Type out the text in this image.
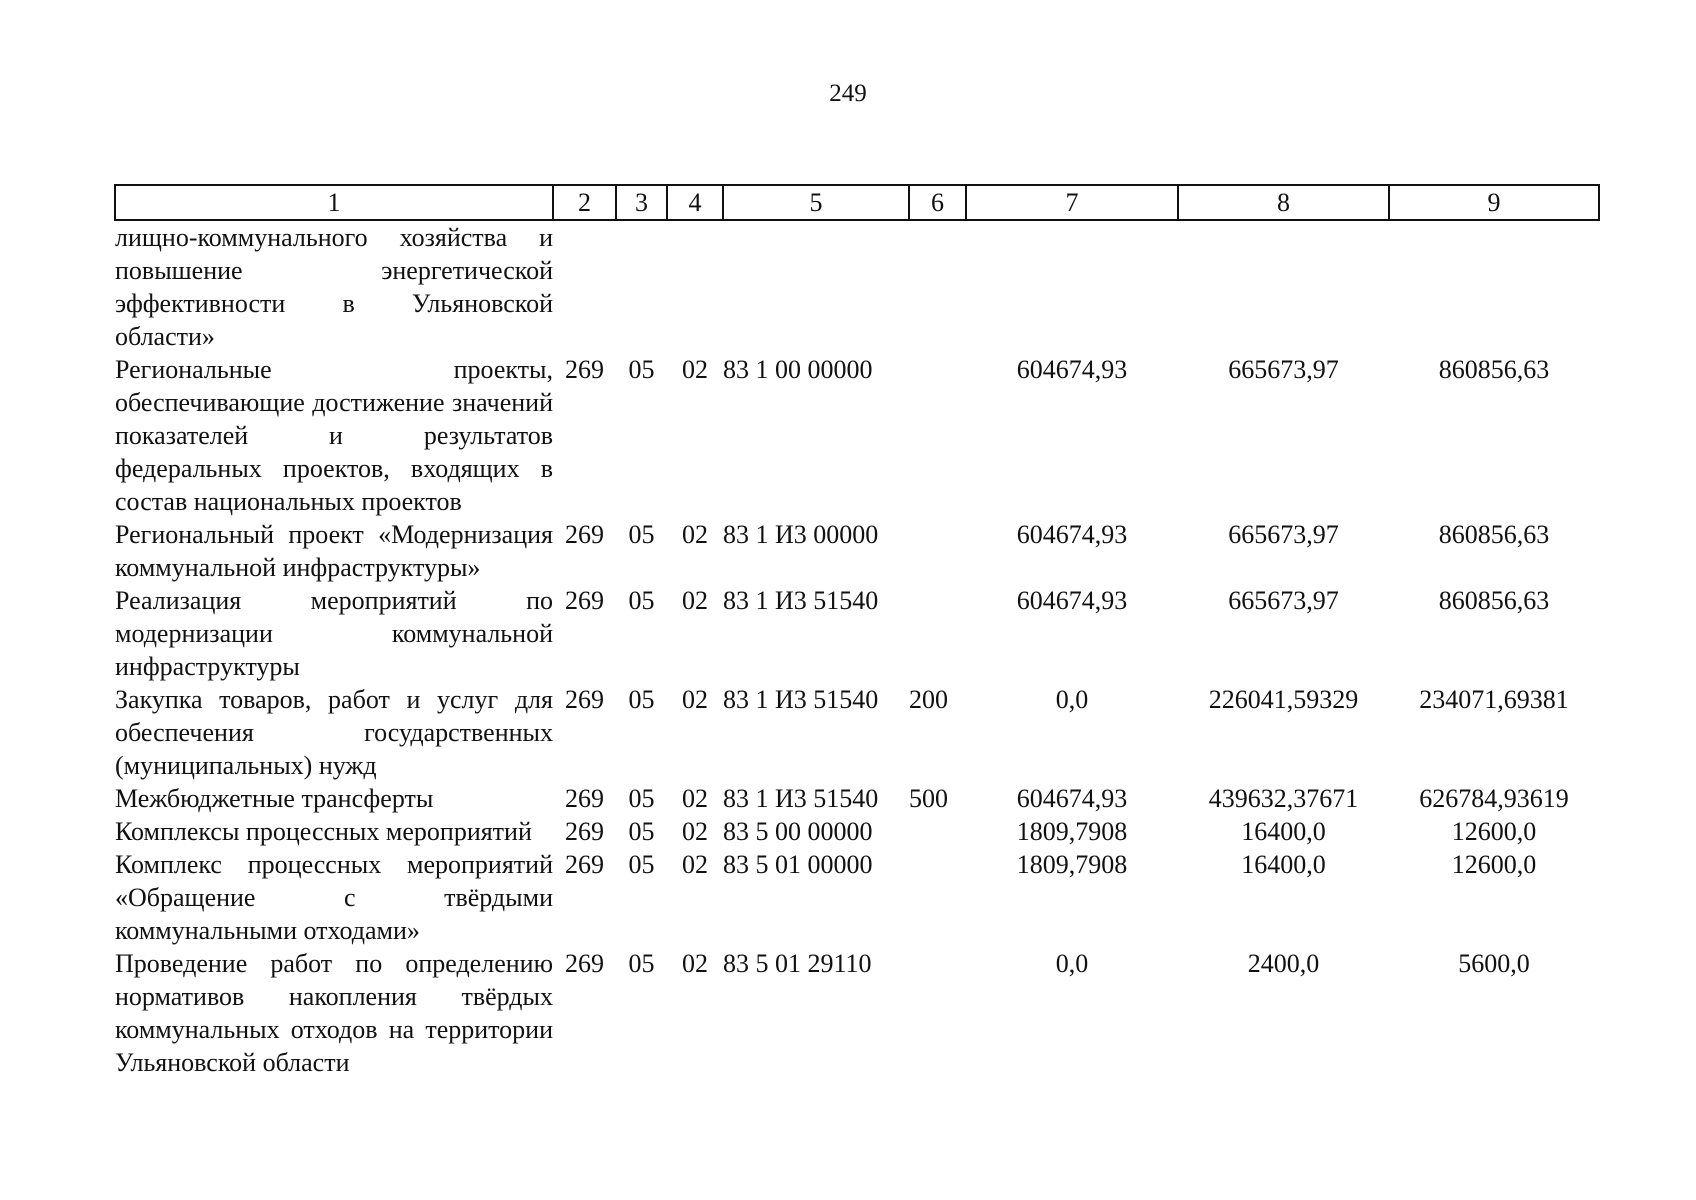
249
1	2	3	4	5	6	7	8	9
лищно-коммунального хозяйства и повышение энергетической эффективности в Ульяновской области»								
Региональные проекты, обеспечивающие достижение значений показателей и результатов федеральных проектов, входящих в состав национальных проектов	269	05	02	83 1 00 00000		604674,93	665673,97	860856,63
Региональный проект «Модернизация коммунальной инфраструктуры»	269	05	02	83 1 И3 00000		604674,93	665673,97	860856,63
Реализация мероприятий по модернизации коммунальной инфраструктуры	269	05	02	83 1 И3 51540		604674,93	665673,97	860856,63
Закупка товаров, работ и услуг для обеспечения государственных (муниципальных) нужд	269	05	02	83 1 И3 51540	200	0,0	226041,59329	234071,69381
Межбюджетные трансферты	269	05	02	83 1 И3 51540	500	604674,93	439632,37671	626784,93619
Комплексы процессных мероприятий	269	05	02	83 5 00 00000		1809,7908	16400,0	12600,0
Комплекс процессных мероприятий «Обращение с твёрдыми коммунальными отходами»	269	05	02	83 5 01 00000		1809,7908	16400,0	12600,0
Проведение работ по определению нормативов накопления твёрдых коммунальных отходов на территории Ульяновской области	269	05	02	83 5 01 29110		0,0	2400,0	5600,0
